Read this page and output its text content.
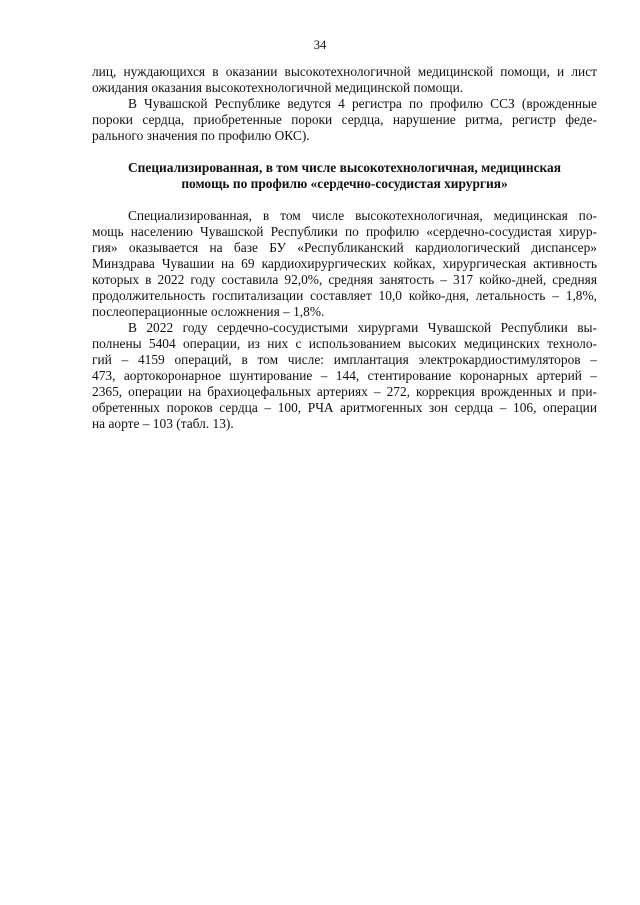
34
лиц, нуждающихся в оказании высокотехнологичной медицинской помощи, и лист
ожидания оказания высокотехнологичной медицинской помощи.
В Чувашской Республике ведутся 4 регистра по профилю ССЗ (врожденные
пороки сердца, приобретенные пороки сердца, нарушение ритма, регистр феде-
рального значения по профилю ОКС).
Специализированная, в том числе высокотехнологичная, медицинская
помощь по профилю «сердечно-сосудистая хирургия»
Специализированная, в том числе высокотехнологичная, медицинская по-
мощь населению Чувашской Республики по профилю «сердечно-сосудистая хирур-
гия» оказывается на базе БУ «Республиканский кардиологический диспансер»
Минздрава Чувашии на 69 кардиохирургических койках, хирургическая активность
которых в 2022 году составила 92,0%, средняя занятость – 317 койко-дней, средняя
продолжительность госпитализации составляет 10,0 койко-дня, летальность – 1,8%,
послеоперационные осложнения – 1,8%.
В 2022 году сердечно-сосудистыми хирургами Чувашской Республики вы-
полнены 5404 операции, из них с использованием высоких медицинских техноло-
гий – 4159 операций, в том числе: имплантация электрокардиостимуляторов –
473, аортокоронарное шунтирование – 144, стентирование коронарных артерий –
2365, операции на брахиоцефальных артериях – 272, коррекция врожденных и при-
обретенных пороков сердца – 100, РЧА аритмогенных зон сердца – 106, операции
на аорте – 103 (табл. 13).
